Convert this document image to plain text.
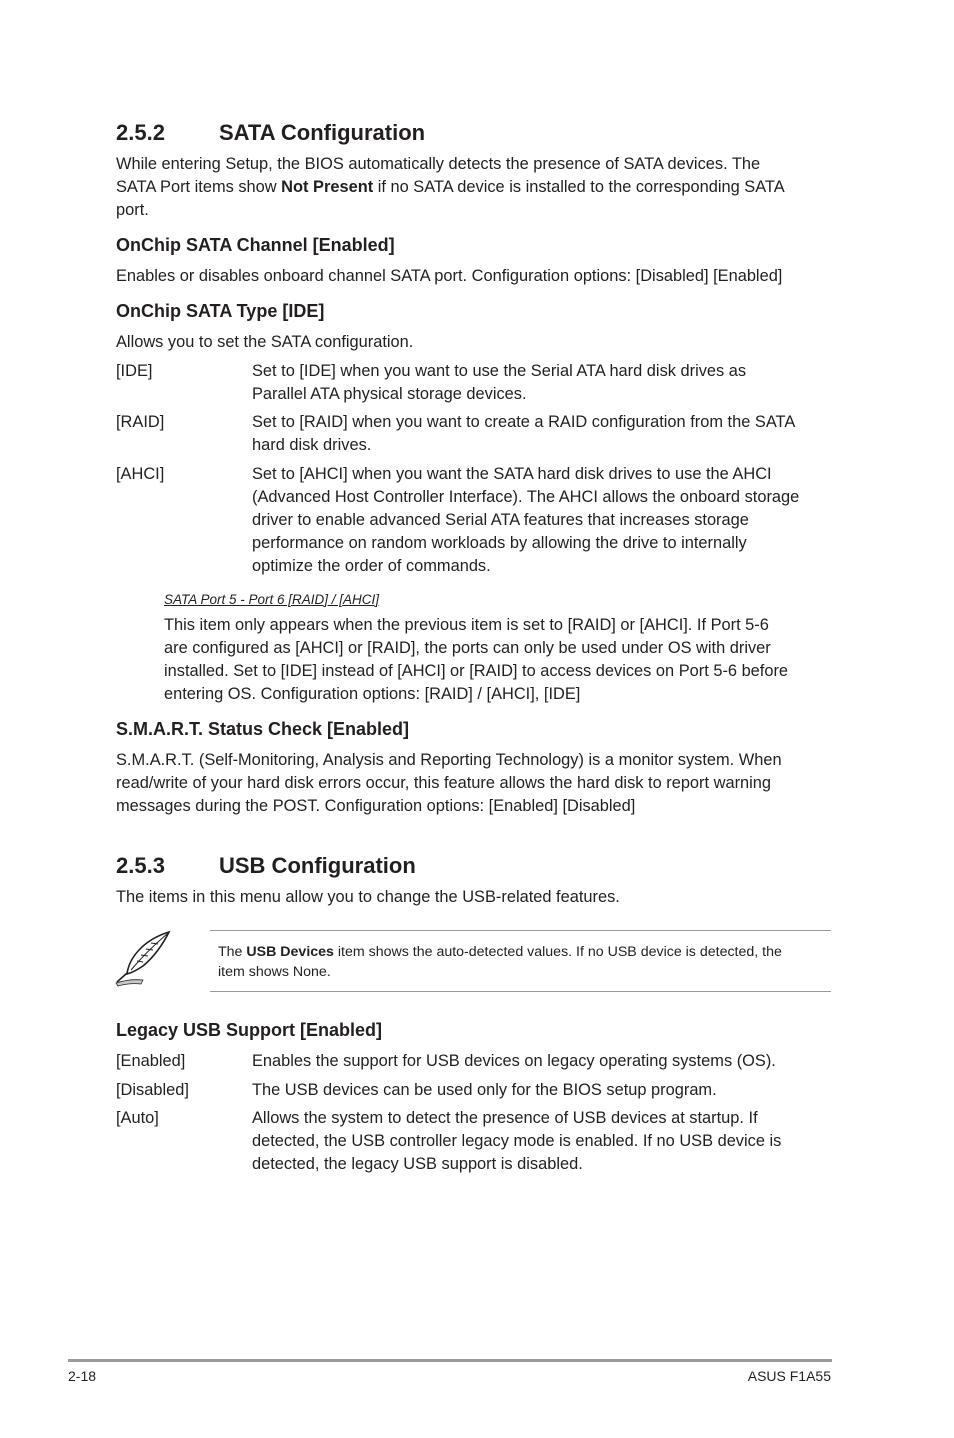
2.5.2 SATA Configuration
While entering Setup, the BIOS automatically detects the presence of SATA devices. The
SATA Port items show Not Present if no SATA device is installed to the corresponding SATA
port.
OnChip SATA Channel [Enabled]
Enables or disables onboard channel SATA port. Configuration options: [Disabled] [Enabled]
OnChip SATA Type [IDE]
Allows you to set the SATA configuration.
[IDE]	Set to [IDE] when you want to use the Serial ATA hard disk drives as
Parallel ATA physical storage devices.
[RAID]	Set to [RAID] when you want to create a RAID configuration from the SATA
hard disk drives.
[AHCI]	Set to [AHCI] when you want the SATA hard disk drives to use the AHCI
(Advanced Host Controller Interface). The AHCI allows the onboard storage
driver to enable advanced Serial ATA features that increases storage
performance on random workloads by allowing the drive to internally
optimize the order of commands.
SATA Port 5 - Port 6 [RAID] / [AHCI]
This item only appears when the previous item is set to [RAID] or [AHCI]. If Port 5-6
are configured as [AHCI] or [RAID], the ports can only be used under OS with driver
installed. Set to [IDE] instead of [AHCI] or [RAID] to access devices on Port 5-6 before
entering OS. Configuration options: [RAID] / [AHCI], [IDE]
S.M.A.R.T. Status Check [Enabled]
S.M.A.R.T. (Self-Monitoring, Analysis and Reporting Technology) is a monitor system. When
read/write of your hard disk errors occur, this feature allows the hard disk to report warning
messages during the POST. Configuration options: [Enabled] [Disabled]
2.5.3 USB Configuration
The items in this menu allow you to change the USB-related features.
The USB Devices item shows the auto-detected values. If no USB device is detected, the
item shows None.
Legacy USB Support [Enabled]
[Enabled]	Enables the support for USB devices on legacy operating systems (OS).
[Disabled]	The USB devices can be used only for the BIOS setup program.
[Auto]	Allows the system to detect the presence of USB devices at startup. If
detected, the USB controller legacy mode is enabled. If no USB device is
detected, the legacy USB support is disabled.
2-18	ASUS F1A55
